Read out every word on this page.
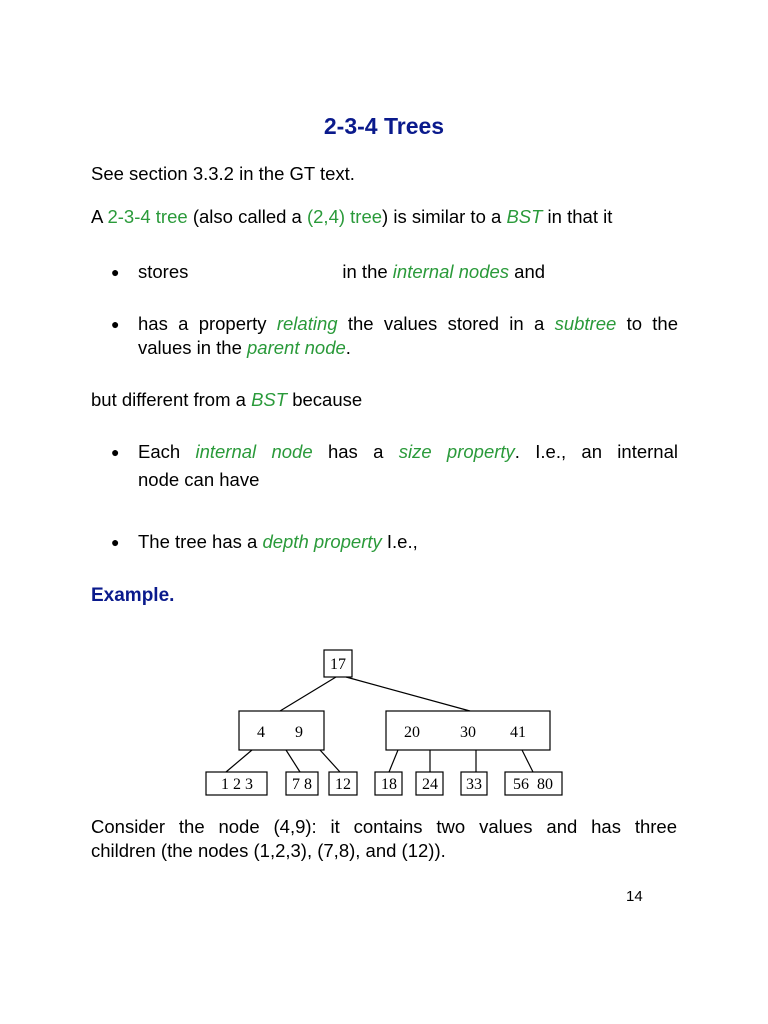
2-3-4 Trees
See section 3.3.2 in the GT text.
A 2-3-4 tree (also called a (2,4) tree) is similar to a BST in that it
● stores	in the internal nodes and
● has a property relating the values stored in a subtree to the
values in the parent node.
but different from a BST because
● Each internal node has a size property. I.e., an internal
node can have
● The tree has a depth property I.e.,
Example.
17
4 9	20	30 41
1 2 3 7 8 12 18 24 33 56  80
Consider the node (4,9): it contains two values and has three
children (the nodes (1,2,3), (7,8), and (12)).
14
